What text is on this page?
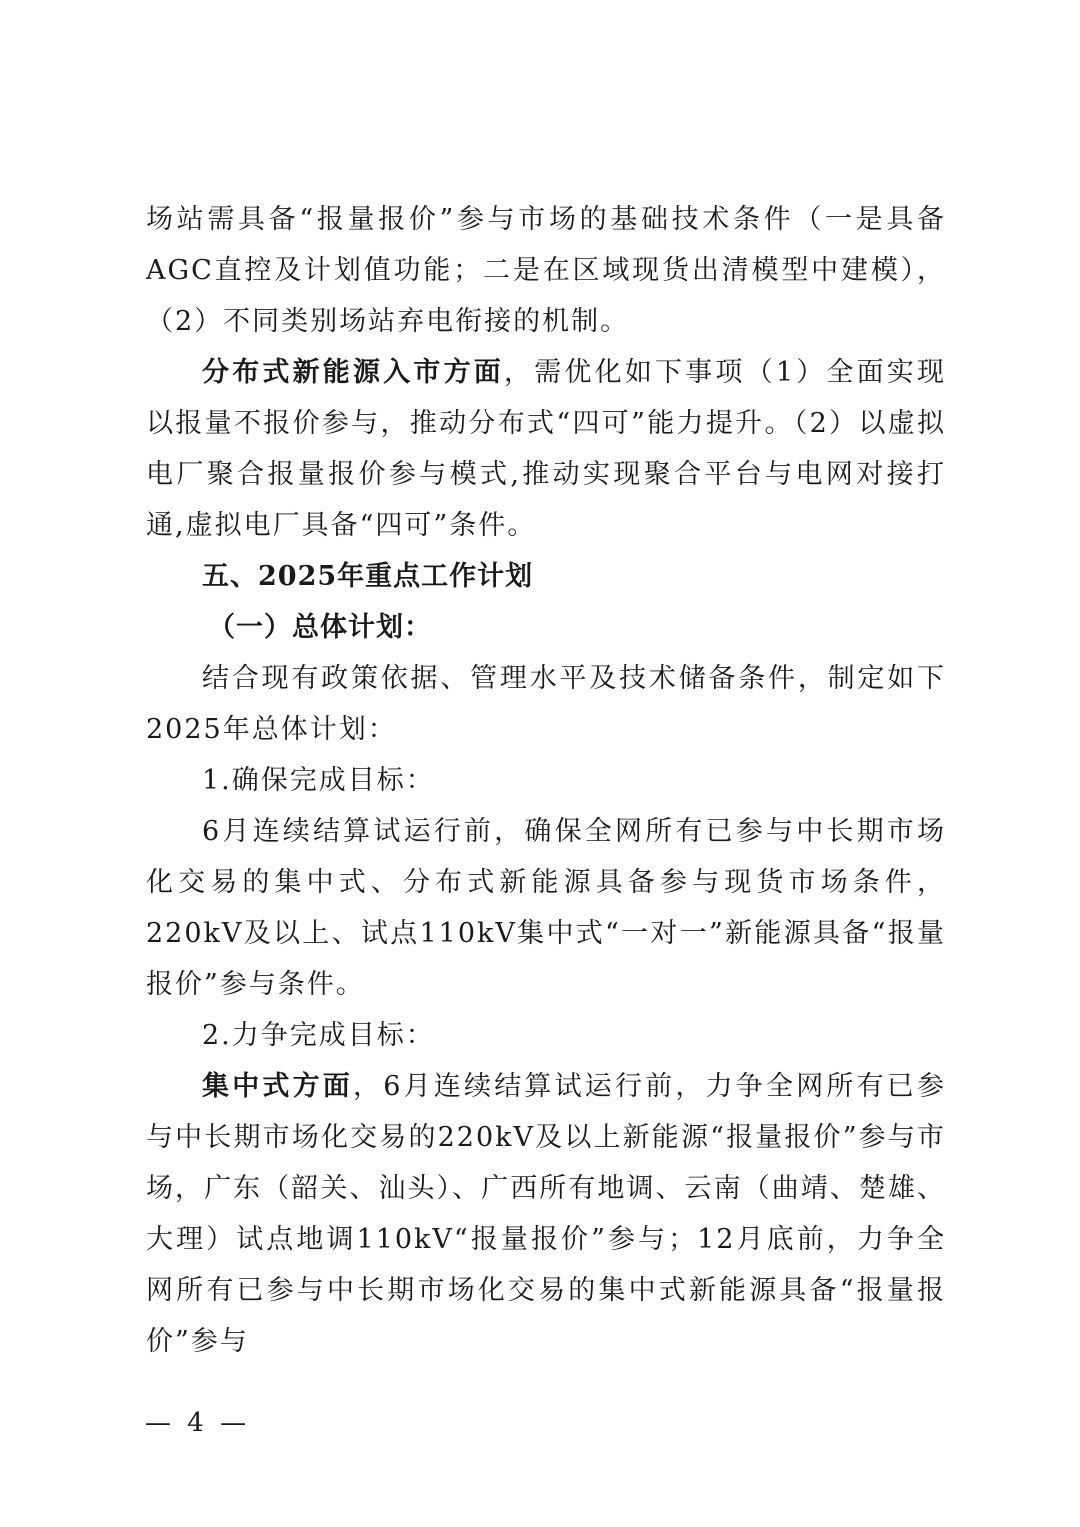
场站需具备“报量报价”参与市场的基础技术条件（一是具备AGC直控及计划值功能；二是在区域现货出清模型中建模），（2）不同类别场站弃电衔接的机制。

分布式新能源入市方面，需优化如下事项（1）全面实现以报量不报价参与，推动分布式“四可”能力提升。（2）以虚拟电厂聚合报量报价参与模式,推动实现聚合平台与电网对接打通,虚拟电厂具备“四可”条件。

五、2025年重点工作计划

（一）总体计划：

结合现有政策依据、管理水平及技术储备条件，制定如下2025年总体计划：

1.确保完成目标：

6月连续结算试运行前，确保全网所有已参与中长期市场化交易的集中式、分布式新能源具备参与现货市场条件，220kV及以上、试点110kV集中式“一对一”新能源具备“报量报价”参与条件。

2.力争完成目标：

集中式方面，6月连续结算试运行前，力争全网所有已参与中长期市场化交易的220kV及以上新能源“报量报价”参与市场，广东（韶关、汕头）、广西所有地调、云南（曲靖、楚雄、大理）试点地调110kV“报量报价”参与；12月底前，力争全网所有已参与中长期市场化交易的集中式新能源具备“报量报价”参与

— 4 —
